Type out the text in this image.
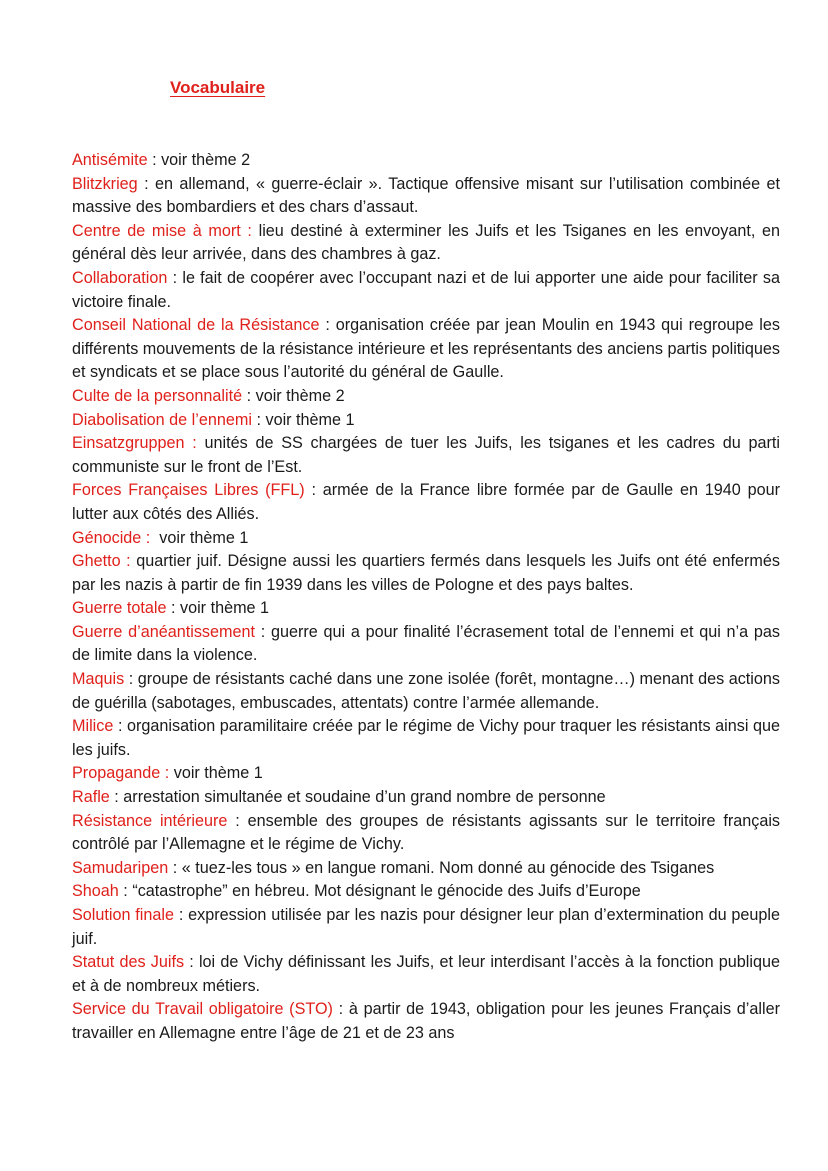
Vocabulaire

Antisémite : voir thème 2

Blitzkrieg : en allemand, « guerre-éclair ». Tactique offensive misant sur l’utilisation combinée et massive des bombardiers et des chars d’assaut.

Centre de mise à mort : lieu destiné à exterminer les Juifs et les Tsiganes en les envoyant, en général dès leur arrivée, dans des chambres à gaz.

Collaboration : le fait de coopérer avec l’occupant nazi et de lui apporter une aide pour faciliter sa victoire finale.

Conseil National de la Résistance : organisation créée par jean Moulin en 1943 qui regroupe les différents mouvements de la résistance intérieure et les représentants des anciens partis politiques et syndicats et se place sous l’autorité du général de Gaulle.

Culte de la personnalité : voir thème 2

Diabolisation de l’ennemi : voir thème 1

Einsatzgruppen : unités de SS chargées de tuer les Juifs, les tsiganes et les cadres du parti communiste sur le front de l’Est.

Forces Françaises Libres (FFL) : armée de la France libre formée par de Gaulle en 1940 pour lutter aux côtés des Alliés.

Génocide : voir thème 1

Ghetto : quartier juif. Désigne aussi les quartiers fermés dans lesquels les Juifs ont été enfermés par les nazis à partir de fin 1939 dans les villes de Pologne et des pays baltes.

Guerre totale : voir thème 1

Guerre d’anéantissement : guerre qui a pour finalité l’écrasement total de l’ennemi et qui n’a pas de limite dans la violence.

Maquis : groupe de résistants caché dans une zone isolée (forêt, montagne…) menant des actions de guérilla (sabotages, embuscades, attentats) contre l’armée allemande.

Milice : organisation paramilitaire créée par le régime de Vichy pour traquer les résistants ainsi que les juifs.

Propagande : voir thème 1

Rafle : arrestation simultanée et soudaine d’un grand nombre de personne

Résistance intérieure : ensemble des groupes de résistants agissants sur le territoire français contrôlé par l’Allemagne et le régime de Vichy.

Samudaripen : « tuez-les tous » en langue romani. Nom donné au génocide des Tsiganes

Shoah : “catastrophe” en hébreu. Mot désignant le génocide des Juifs d’Europe

Solution finale : expression utilisée par les nazis pour désigner leur plan d’extermination du peuple juif.

Statut des Juifs : loi de Vichy définissant les Juifs, et leur interdisant l’accès à la fonction publique et à de nombreux métiers.

Service du Travail obligatoire (STO) : à partir de 1943, obligation pour les jeunes Français d’aller travailler en Allemagne entre l’âge de 21 et de 23 ans
